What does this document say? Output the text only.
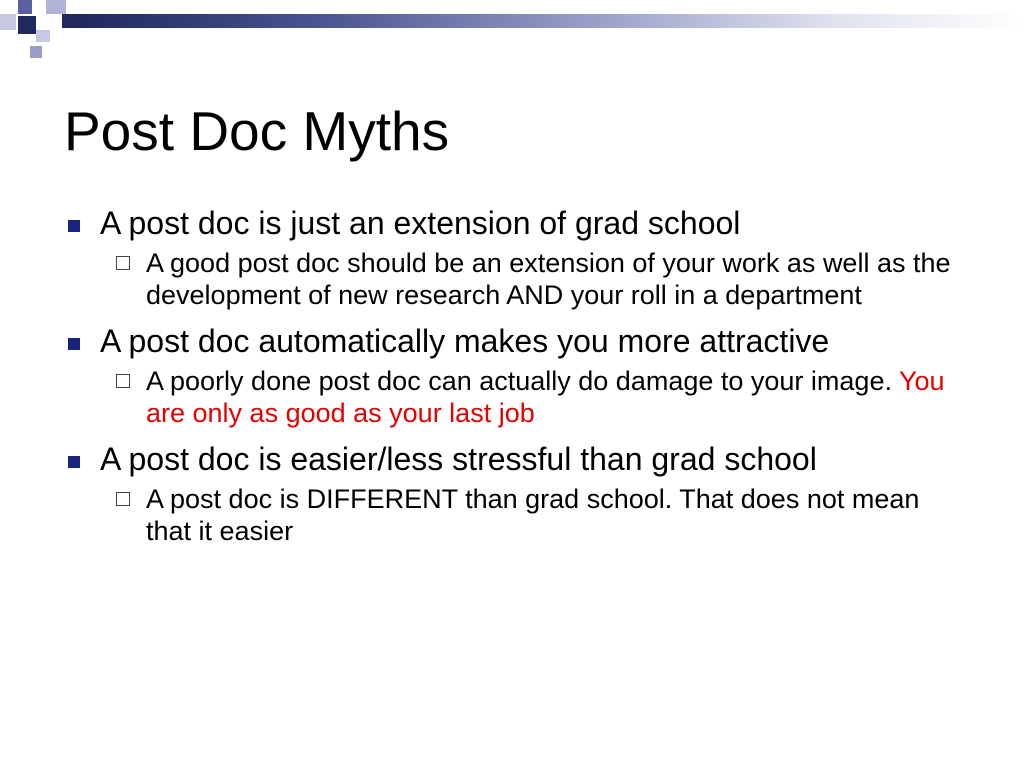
Post Doc Myths
A post doc is just an extension of grad school
A good post doc should be an extension of your work as well as the development of new research AND your roll in a department
A post doc automatically makes you more attractive
A poorly done post doc can actually do damage to your image. You are only as good as your last job
A post doc is easier/less stressful than grad school
A post doc is DIFFERENT than grad school. That does not mean that it easier
